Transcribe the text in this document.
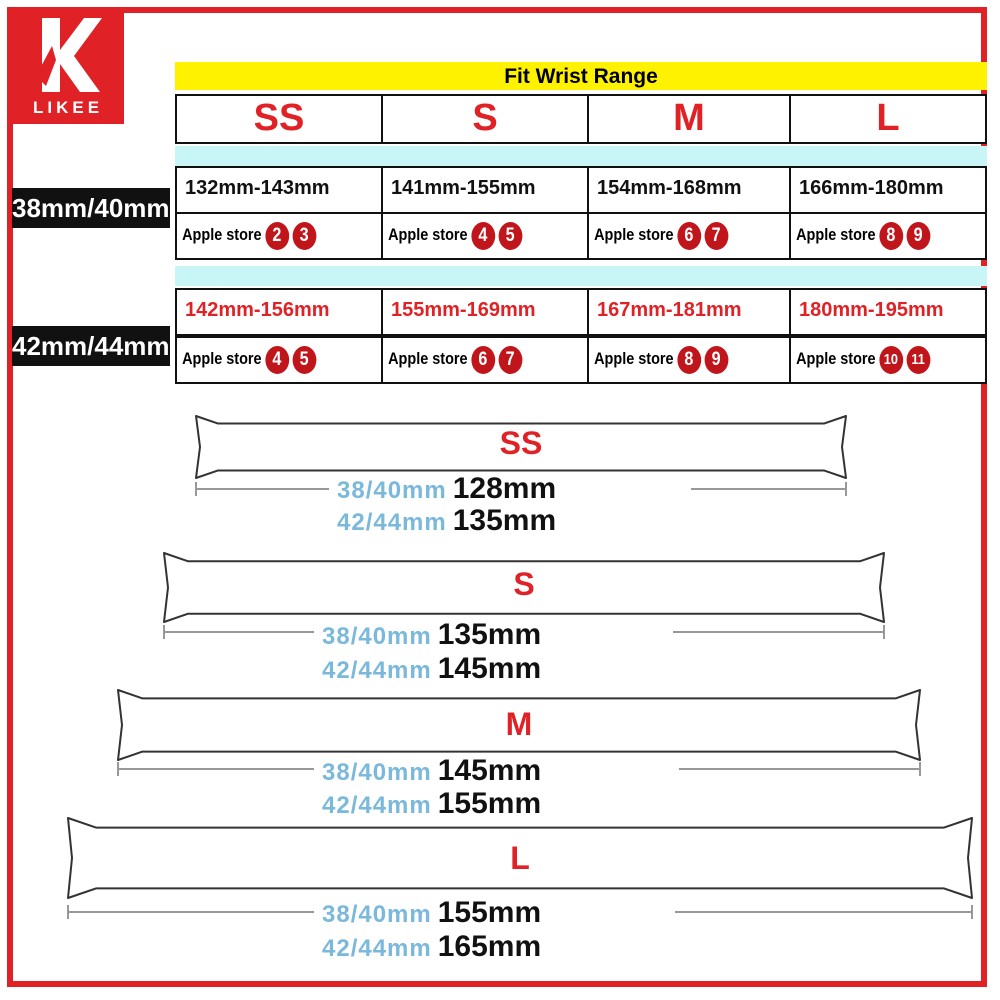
LIKEE
Fit Wrist Range
SS	S	M	L
38mm/40mm
132mm-143mm	141mm-155mm	154mm-168mm	166mm-180mm
Apple store 2 3	Apple store 4 5	Apple store 6 7	Apple store 8 9
42mm/44mm
142mm-156mm	155mm-169mm	167mm-181mm	180mm-195mm
Apple store 4 5	Apple store 6 7	Apple store 8 9	Apple store 10 11
SS
38/40mm 128mm
42/44mm 135mm
S
38/40mm 135mm
42/44mm 145mm
M
38/40mm 145mm
42/44mm 155mm
L
38/40mm 155mm
42/44mm 165mm
